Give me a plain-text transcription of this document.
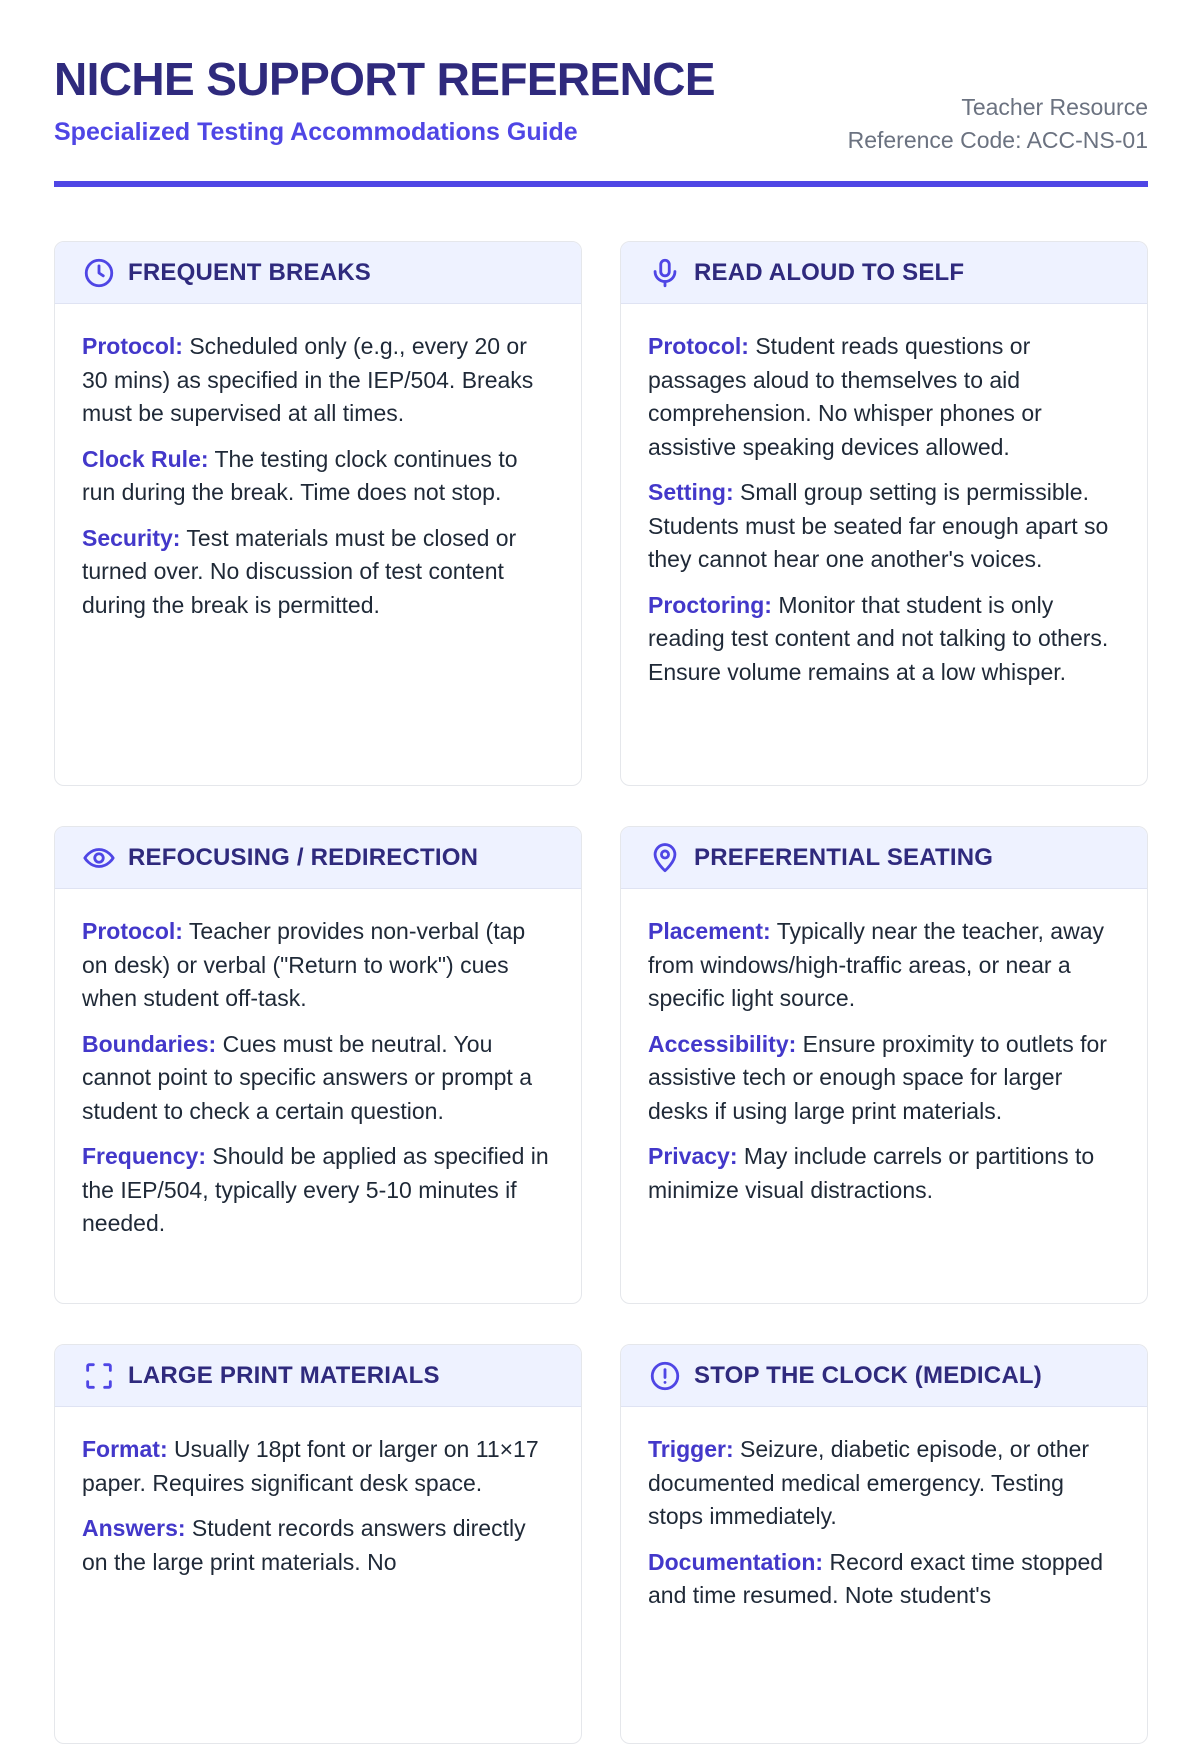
NICHE SUPPORT REFERENCE
Specialized Testing Accommodations Guide
Teacher Resource
Reference Code: ACC-NS-01
FREQUENT BREAKS

Protocol: Scheduled only (e.g., every 20 or 30 mins) as specified in the IEP/504. Breaks must be supervised at all times.

Clock Rule: The testing clock continues to run during the break. Time does not stop.

Security: Test materials must be closed or turned over. No discussion of test content during the break is permitted.

READ ALOUD TO SELF

Protocol: Student reads questions or passages aloud to themselves to aid comprehension. No whisper phones or assistive speaking devices allowed.

Setting: Small group setting is permissible. Students must be seated far enough apart so they cannot hear one another's voices.

Proctoring: Monitor that student is only reading test content and not talking to others. Ensure volume remains at a low whisper.

REFOCUSING / REDIRECTION

Protocol: Teacher provides non-verbal (tap on desk) or verbal ("Return to work") cues when student off-task.

Boundaries: Cues must be neutral. You cannot point to specific answers or prompt a student to check a certain question.

Frequency: Should be applied as specified in the IEP/504, typically every 5-10 minutes if needed.

PREFERENTIAL SEATING

Placement: Typically near the teacher, away from windows/high-traffic areas, or near a specific light source.

Accessibility: Ensure proximity to outlets for assistive tech or enough space for larger desks if using large print materials.

Privacy: May include carrels or partitions to minimize visual distractions.

LARGE PRINT MATERIALS

Format: Usually 18pt font or larger on 11×17 paper. Requires significant desk space.

Answers: Student records answers directly on the large print materials. No

STOP THE CLOCK (MEDICAL)

Trigger: Seizure, diabetic episode, or other documented medical emergency. Testing stops immediately.

Documentation: Record exact time stopped and time resumed. Note student's
